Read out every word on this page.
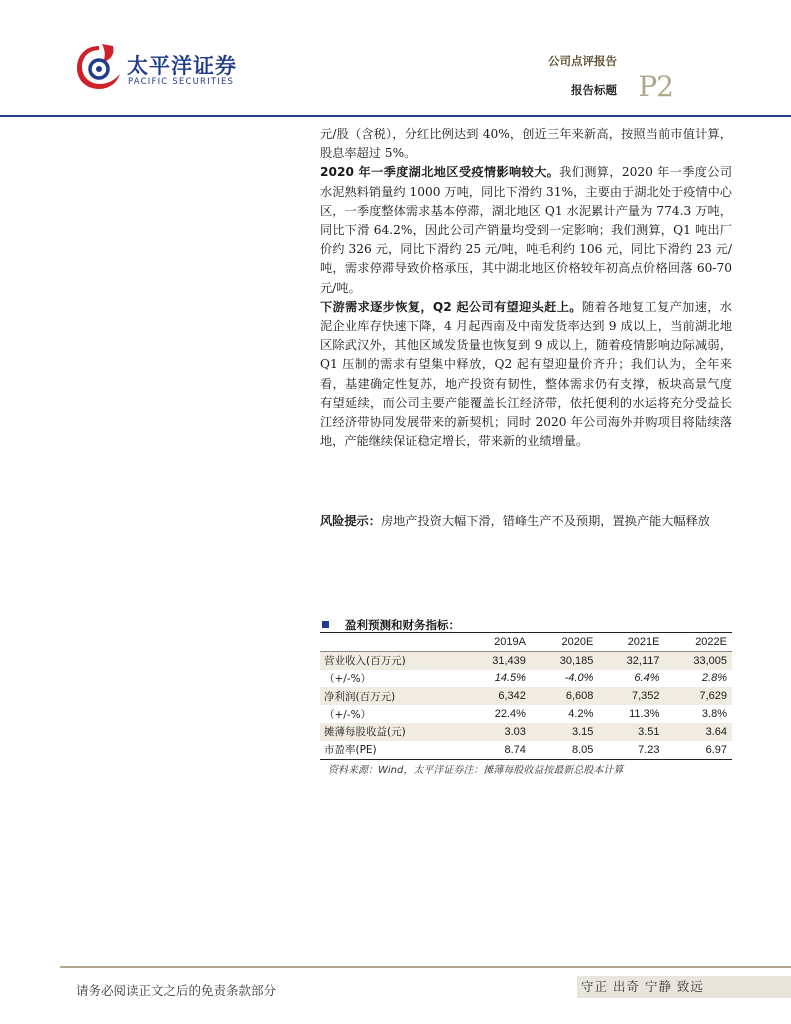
太平洋证券
PACIFIC SECURITIES
公司点评报告
报告标题 P2

元/股（含税），分红比例达到 40%，创近三年来新高，按照当前市值计算，股息率超过 5%。

2020 年一季度湖北地区受疫情影响较大。我们测算，2020 年一季度公司水泥熟料销量约 1000 万吨，同比下滑约 31%，主要由于湖北处于疫情中心区，一季度整体需求基本停滞，湖北地区 Q1 水泥累计产量为 774.3 万吨，同比下滑 64.2%，因此公司产销量均受到一定影响；我们测算，Q1 吨出厂价约 326 元，同比下滑约 25 元/吨，吨毛利约 106 元，同比下滑约 23 元/吨，需求停滞导致价格承压，其中湖北地区价格较年初高点价格回落 60-70 元/吨。

下游需求逐步恢复，Q2 起公司有望迎头赶上。随着各地复工复产加速，水泥企业库存快速下降，4 月起西南及中南发货率达到 9 成以上，当前湖北地区除武汉外，其他区域发货量也恢复到 9 成以上，随着疫情影响边际减弱，Q1 压制的需求有望集中释放，Q2 起有望迎量价齐升；我们认为，全年来看，基建确定性复苏，地产投资有韧性，整体需求仍有支撑，板块高景气度有望延续，而公司主要产能覆盖长江经济带，依托便利的水运将充分受益长江经济带协同发展带来的新契机；同时 2020 年公司海外并购项目将陆续落地，产能继续保证稳定增长，带来新的业绩增量。

风险提示：房地产投资大幅下滑，错峰生产不及预期，置换产能大幅释放
盈利预测和财务指标：
	2019A	2020E	2021E	2022E
营业收入(百万元)	31,439	30,185	32,117	33,005
（+/-%）	14.5%	-4.0%	6.4%	2.8%
净利润(百万元)	6,342	6,608	7,352	7,629
（+/-%）	22.4%	4.2%	11.3%	3.8%
摊薄每股收益(元)	3.03	3.15	3.51	3.64
市盈率(PE)	8.74	8.05	7.23	6.97
资料来源：Wind，太平洋证券注：摊薄每股收益按最新总股本计算
请务必阅读正文之后的免责条款部分	守正 出奇 宁静 致远
